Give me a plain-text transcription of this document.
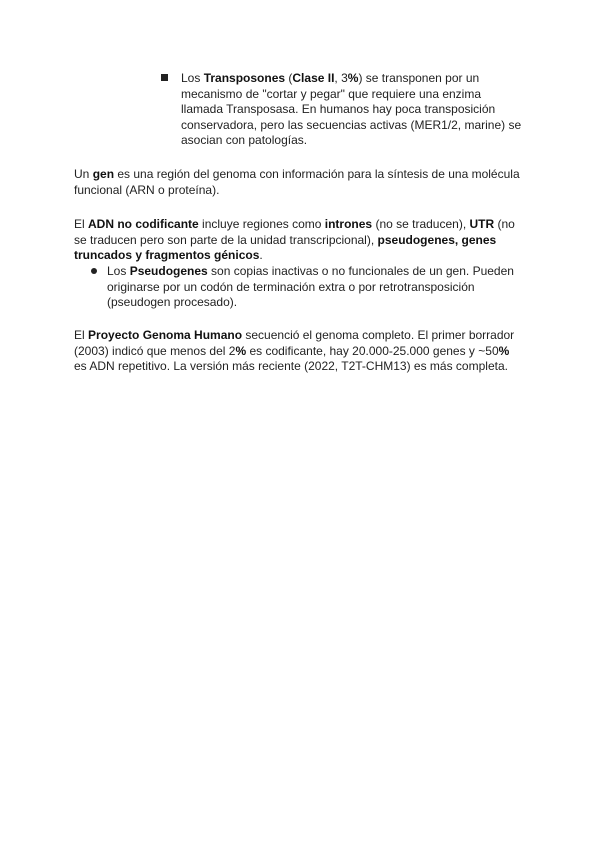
Los Transposones (Clase II, 3%) se transponen por un
mecanismo de "cortar y pegar" que requiere una enzima
llamada Transposasa. En humanos hay poca transposición
conservadora, pero las secuencias activas (MER1/2, marine) se
asocian con patologías.
Un gen es una región del genoma con información para la síntesis de una molécula
funcional (ARN o proteína).
El ADN no codificante incluye regiones como intrones (no se traducen), UTR (no
se traducen pero son parte de la unidad transcripcional), pseudogenes, genes
truncados y fragmentos génicos.
Los Pseudogenes son copias inactivas o no funcionales de un gen. Pueden
originarse por un codón de terminación extra o por retrotransposición
(pseudogen procesado).
El Proyecto Genoma Humano secuenció el genoma completo. El primer borrador
(2003) indicó que menos del 2% es codificante, hay 20.000-25.000 genes y ~50%
es ADN repetitivo. La versión más reciente (2022, T2T-CHM13) es más completa.
